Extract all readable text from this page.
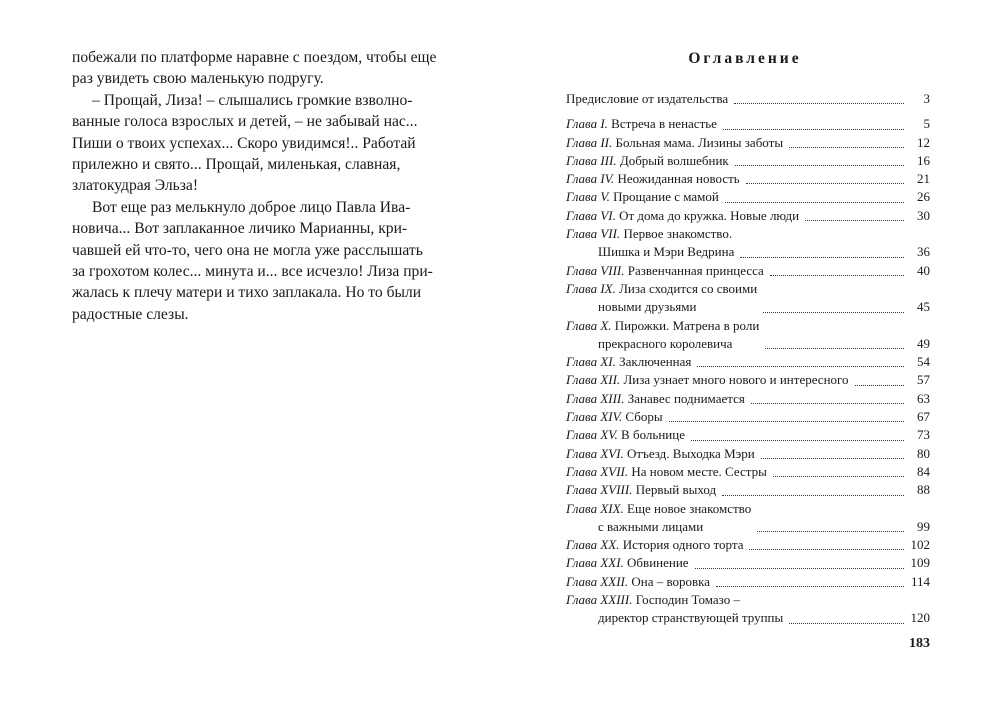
побежали по платформе наравне с поездом, чтобы еще
раз увидеть свою маленькую подругу.

– Прощай, Лиза! – слышались громкие взволно-
ванные голоса взрослых и детей, – не забывай нас...
Пиши о твоих успехах... Скоро увидимся!.. Работай
прилежно и свято... Прощай, миленькая, славная,
златокудрая Эльза!

Вот еще раз мелькнуло доброе лицо Павла Ива-
новича... Вот заплаканное личико Марианны, кри-
чавшей ей что-то, чего она не могла уже расслышать
за грохотом колес... минута и... все исчезло! Лиза при-
жалась к плечу матери и тихо заплакала. Но то были
радостные слезы.

Оглавление
Предисловие от издательства	3
Глава I. Встреча в ненастье	5
Глава II. Больная мама. Лизины заботы	12
Глава III. Добрый волшебник	16
Глава IV. Неожиданная новость	21
Глава V. Прощание с мамой	26
Глава VI. От дома до кружка. Новые люди	30
Глава VII. Первое знакомство.
Шишка и Мэри Ведрина	36
Глава VIII. Развенчанная принцесса	40
Глава IX. Лиза сходится со своими
новыми друзьями	45
Глава X. Пирожки. Матрена в роли
прекрасного королевича	49
Глава XI. Заключенная	54
Глава XII. Лиза узнает много нового и интересного	57
Глава XIII. Занавес поднимается	63
Глава XIV. Сборы	67
Глава XV. В больнице	73
Глава XVI. Отъезд. Выходка Мэри	80
Глава XVII. На новом месте. Сестры	84
Глава XVIII. Первый выход	88
Глава XIX. Еще новое знакомство
с важными лицами	99
Глава XX. История одного торта	102
Глава XXI. Обвинение	109
Глава XXII. Она – воровка	114
Глава XXIII. Господин Томазо –
директор странствующей труппы	120
183
